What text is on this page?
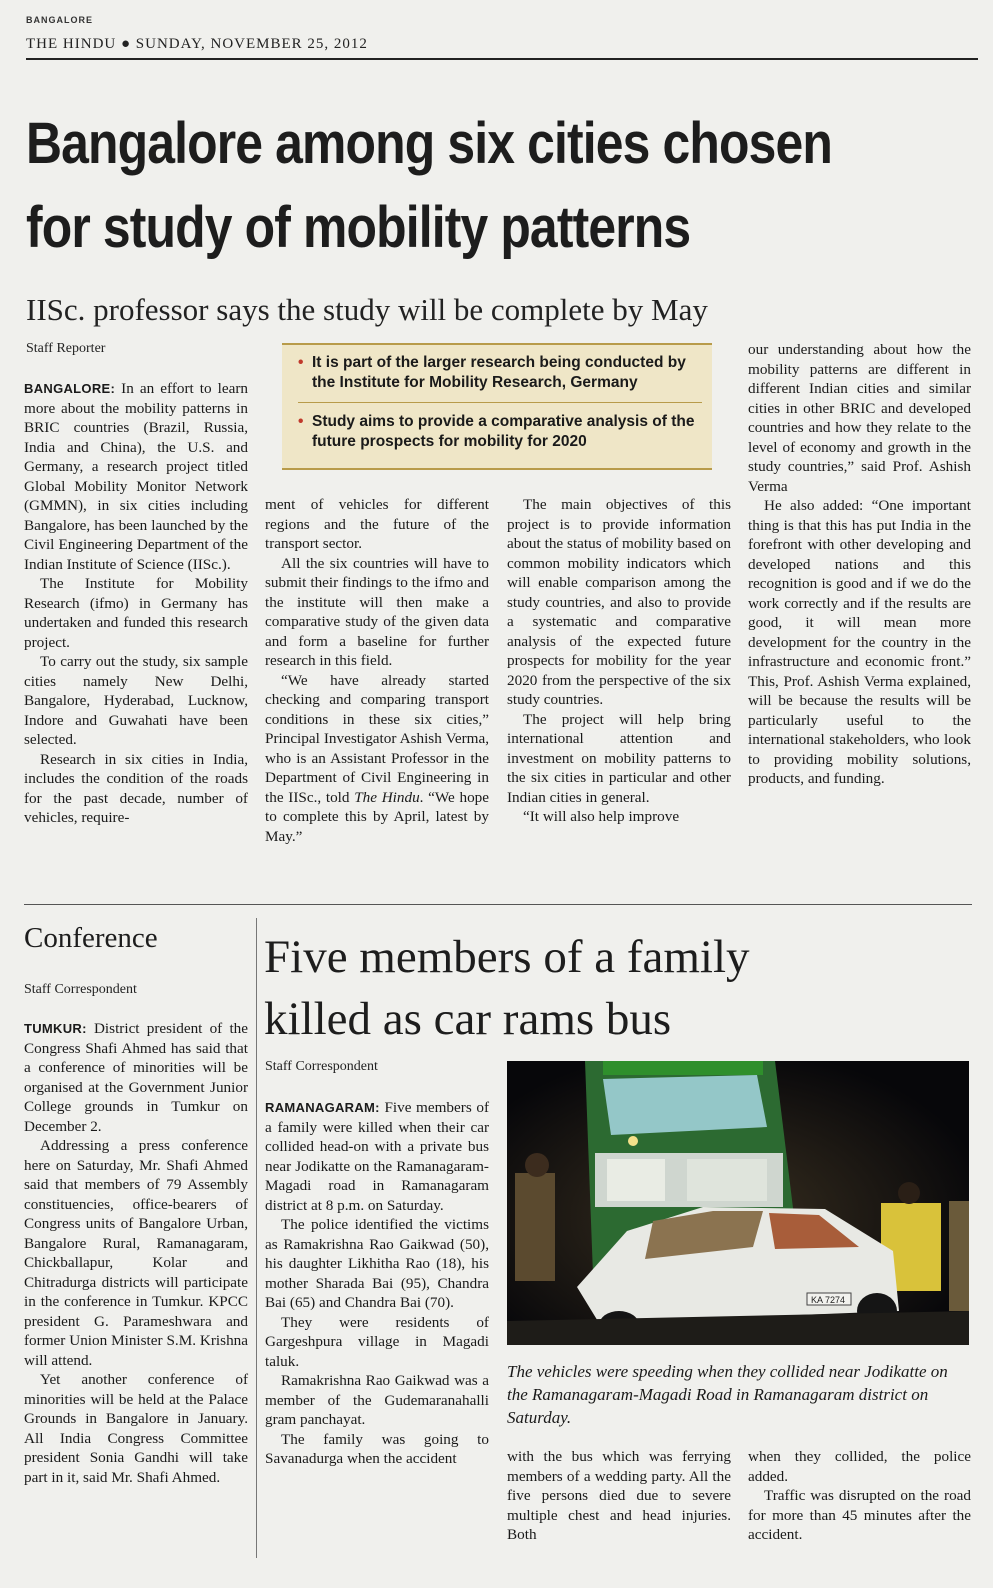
BANGALORE
THE HINDU ● SUNDAY, NOVEMBER 25, 2012
Bangalore among six cities chosen
for study of mobility patterns
IISc. professor says the study will be complete by May
Staff Reporter
• It is part of the larger research being conducted by the Institute for Mobility Research, Germany
• Study aims to provide a comparative analysis of the future prospects for mobility for 2020

BANGALORE: In an effort to learn more about the mobility patterns in BRIC countries (Brazil, Russia, India and China), the U.S. and Germany, a research project titled Global Mobility Monitor Network (GMMN), in six cities including Bangalore, has been launched by the Civil Engineering Department of the Indian Institute of Science (IISc.).

The Institute for Mobility Research (ifmo) in Germany has undertaken and funded this research project.

To carry out the study, six sample cities namely New Delhi, Bangalore, Hyderabad, Lucknow, Indore and Guwahati have been selected.

Research in six cities in India, includes the condition of the roads for the past decade, number of vehicles, require-

ment of vehicles for different regions and the future of the transport sector.

All the six countries will have to submit their findings to the ifmo and the institute will then make a comparative study of the given data and form a baseline for further research in this field.

“We have already started checking and comparing transport conditions in these six cities,” Principal Investigator Ashish Verma, who is an Assistant Professor in the Department of Civil Engineering in the IISc., told The Hindu. “We hope to complete this by April, latest by May.”

The main objectives of this project is to provide information about the status of mobility based on common mobility indicators which will enable comparison among the study countries, and also to provide a systematic and comparative analysis of the expected future prospects for mobility for the year 2020 from the perspective of the six study countries.

The project will help bring international attention and investment on mobility patterns to the six cities in particular and other Indian cities in general.

“It will also help improve

our understanding about how the mobility patterns are different in different Indian cities and similar cities in other BRIC and developed countries and how they relate to the level of economy and growth in the study countries,” said Prof. Ashish Verma

He also added: “One important thing is that this has put India in the forefront with other developing and developed nations and this recognition is good and if we do the work correctly and if the results are good, it will mean more development for the country in the infrastructure and economic front.” This, Prof. Ashish Verma explained, will be because the results will be particularly useful to the international stakeholders, who look to providing mobility solutions, products, and funding.

Conference
Staff Correspondent

TUMKUR: District president of the Congress Shafi Ahmed has said that a conference of minorities will be organised at the Government Junior College grounds in Tumkur on December 2.

Addressing a press conference here on Saturday, Mr. Shafi Ahmed said that members of 79 Assembly constituencies, office-bearers of Congress units of Bangalore Urban, Bangalore Rural, Ramanagaram, Chickballapur, Kolar and Chitradurga districts will participate in the conference in Tumkur. KPCC president G. Parameshwara and former Union Minister S.M. Krishna will attend.

Yet another conference of minorities will be held at the Palace Grounds in Bangalore in January. All India Congress Committee president Sonia Gandhi will take part in it, said Mr. Shafi Ahmed.

Five members of a family
killed as car rams bus
Staff Correspondent

RAMANAGARAM: Five members of a family were killed when their car collided head-on with a private bus near Jodikatte on the Ramanagaram-Magadi road in Ramanagaram district at 8 p.m. on Saturday.

The police identified the victims as Ramakrishna Rao Gaikwad (50), his daughter Likhitha Rao (18), his mother Sharada Bai (95), Chandra Bai (65) and Chandra Bai (70).

They were residents of Gargeshpura village in Magadi taluk.

Ramakrishna Rao Gaikwad was a member of the Gudemaranahalli gram panchayat.

The family was going to Savanadurga when the accident

KA 7274
The vehicles were speeding when they collided near Jodikatte on the Ramanagaram-Magadi Road in Ramanagaram district on Saturday.

with the bus which was ferrying members of a wedding party. All the five persons died due to severe multiple chest and head injuries. Both

when they collided, the police added.

Traffic was disrupted on the road for more than 45 minutes after the accident.
